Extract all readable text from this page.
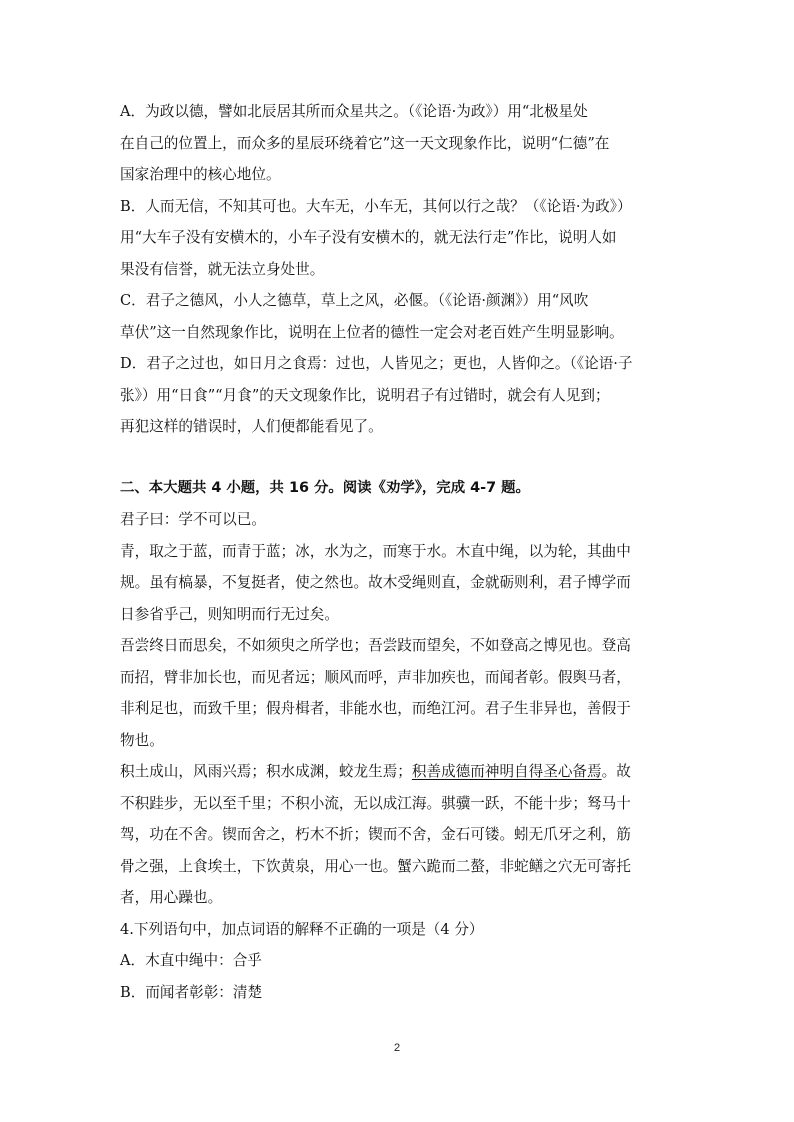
A．为政以德，譬如北辰居其所而众星共之。（《论语·为政》）用“北极星处

在自己的位置上，而众多的星辰环绕着它”这一天文现象作比，说明“仁德”在

国家治理中的核心地位。

B．人而无信，不知其可也。大车无，小车无，其何以行之哉？（《论语·为政》）

用“大车子没有安横木的，小车子没有安横木的，就无法行走”作比，说明人如

果没有信誉，就无法立身处世。

C．君子之德风，小人之德草，草上之风，必偃。（《论语·颜渊》）用“风吹

草伏”这一自然现象作比，说明在上位者的德性一定会对老百姓产生明显影响。

D．君子之过也，如日月之食焉：过也，人皆见之；更也，人皆仰之。（《论语·子

张》）用“日食”“月食”的天文现象作比，说明君子有过错时，就会有人见到；

再犯这样的错误时，人们便都能看见了。

二、本大题共 4 小题，共 16 分。阅读《劝学》，完成 4-7 题。

君子曰：学不可以已。

青，取之于蓝，而青于蓝；冰，水为之，而寒于水。木直中绳，以为轮，其曲中

规。虽有槁暴，不复挺者，使之然也。故木受绳则直，金就砺则利，君子博学而

日参省乎己，则知明而行无过矣。

吾尝终日而思矣，不如须臾之所学也；吾尝跂而望矣，不如登高之博见也。登高

而招，臂非加长也，而见者远；顺风而呼，声非加疾也，而闻者彰。假舆马者，

非利足也，而致千里；假舟楫者，非能水也，而绝江河。君子生非异也，善假于

物也。

积土成山，风雨兴焉；积水成渊，蛟龙生焉；积善成德而神明自得圣心备焉。故

不积跬步，无以至千里；不积小流，无以成江海。骐骥一跃，不能十步；驽马十

驾，功在不舍。锲而舍之，朽木不折；锲而不舍，金石可镂。蚓无爪牙之利，筋

骨之强，上食埃土，下饮黄泉，用心一也。蟹六跪而二螯，非蛇鳝之穴无可寄托

者，用心躁也。

4.下列语句中，加点词语的解释不正确的一项是（4 分）

A．木直中绳中：合乎

B．而闻者彰彰：清楚

2
